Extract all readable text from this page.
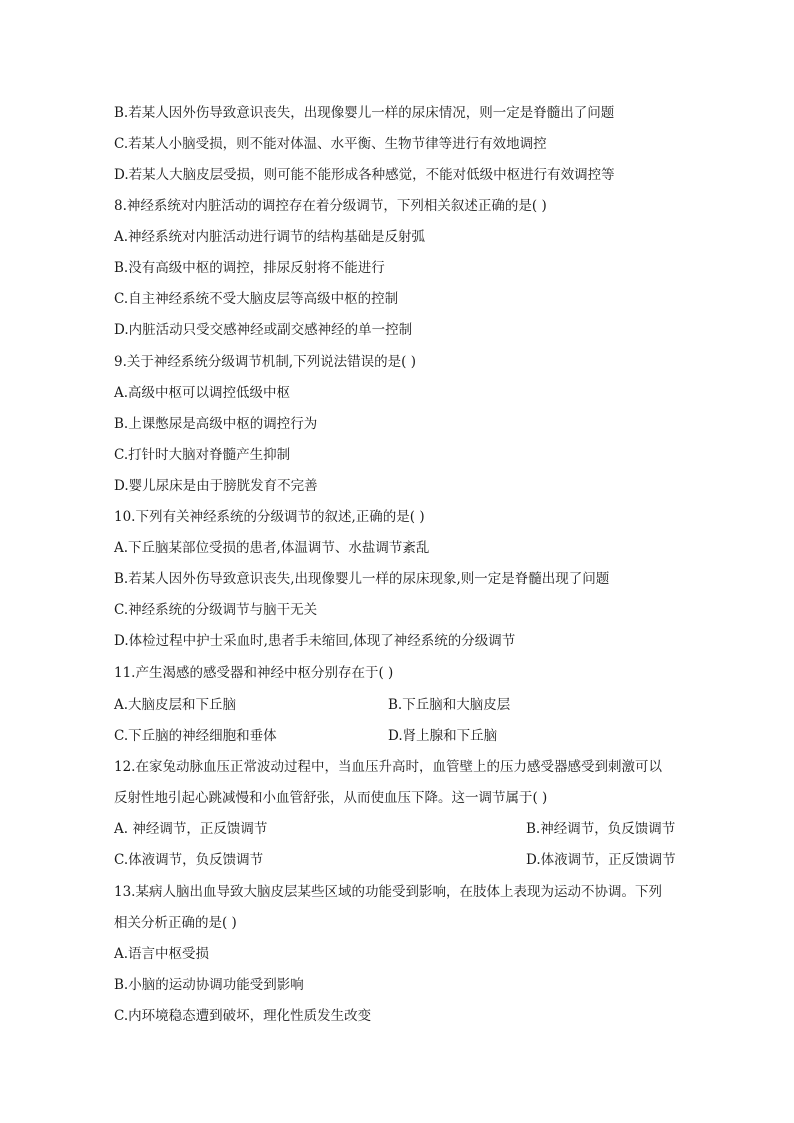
B.若某人因外伤导致意识丧失，出现像婴儿一样的尿床情况，则一定是脊髓出了问题
C.若某人小脑受损，则不能对体温、水平衡、生物节律等进行有效地调控
D.若某人大脑皮层受损，则可能不能形成各种感觉，不能对低级中枢进行有效调控等
8.神经系统对内脏活动的调控存在着分级调节，下列相关叙述正确的是( )
A.神经系统对内脏活动进行调节的结构基础是反射弧
B.没有高级中枢的调控，排尿反射将不能进行
C.自主神经系统不受大脑皮层等高级中枢的控制
D.内脏活动只受交感神经或副交感神经的单一控制
9.关于神经系统分级调节机制,下列说法错误的是( )
A.高级中枢可以调控低级中枢
B.上课憋尿是高级中枢的调控行为
C.打针时大脑对脊髓产生抑制
D.婴儿尿床是由于膀胱发育不完善
10.下列有关神经系统的分级调节的叙述,正确的是( )
A.下丘脑某部位受损的患者,体温调节、水盐调节紊乱
B.若某人因外伤导致意识丧失,出现像婴儿一样的尿床现象,则一定是脊髓出现了问题
C.神经系统的分级调节与脑干无关
D.体检过程中护士采血时,患者手未缩回,体现了神经系统的分级调节
11.产生渴感的感受器和神经中枢分别存在于( )
A.大脑皮层和下丘脑	B.下丘脑和大脑皮层
C.下丘脑的神经细胞和垂体	D.肾上腺和下丘脑
12.在家兔动脉血压正常波动过程中，当血压升高时，血管壁上的压力感受器感受到刺激可以
反射性地引起心跳减慢和小血管舒张，从而使血压下降。这一调节属于( )
A. 神经调节，正反馈调节	B.神经调节，负反馈调节
C.体液调节，负反馈调节	D.体液调节，正反馈调节
13.某病人脑出血导致大脑皮层某些区域的功能受到影响，在肢体上表现为运动不协调。下列
相关分析正确的是( )
A.语言中枢受损
B.小脑的运动协调功能受到影响
C.内环境稳态遭到破坏，理化性质发生改变
